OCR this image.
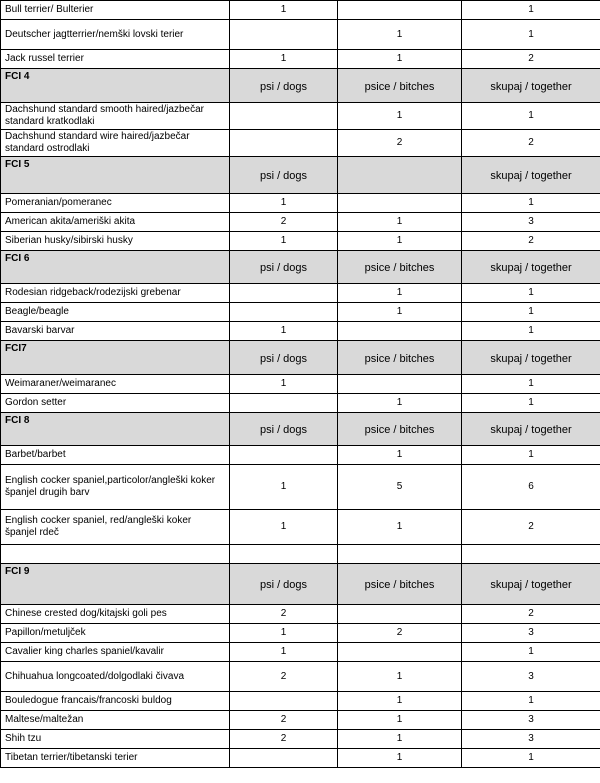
Bull terrier/ Bulterier	1		1
Deutscher jagtterrier/nemški lovski terier		1	1
Jack russel terrier	1	1	2
FCI 4	psi / dogs	psice / bitches	skupaj / together
Dachshund standard smooth haired/jazbečar standard kratkodlaki		1	1
Dachshund standard wire haired/jazbečar standard ostrodlaki		2	2
FCI 5	psi / dogs		skupaj / together
Pomeranian/pomeranec	1		1
American akita/ameriški akita	2	1	3
Siberian husky/sibirski husky	1	1	2
FCI 6	psi / dogs	psice / bitches	skupaj / together
Rodesian ridgeback/rodezijski grebenar		1	1
Beagle/beagle		1	1
Bavarski barvar	1		1
FCI7	psi / dogs	psice / bitches	skupaj / together
Weimaraner/weimaranec	1		1
Gordon setter		1	1
FCI 8	psi / dogs	psice / bitches	skupaj / together
Barbet/barbet		1	1
English cocker spaniel,particolor/angleški koker španjel drugih barv	1	5	6
English cocker spaniel, red/angleški koker španjel rdeč	1	1	2

FCI 9	psi / dogs	psice / bitches	skupaj / together
Chinese crested dog/kitajski goli pes	2		2
Papillon/metuljček	1	2	3
Cavalier king charles spaniel/kavalir	1		1
Chihuahua longcoated/dolgodlaki čivava	2	1	3
Bouledogue francais/francoski buldog		1	1
Maltese/maltežan	2	1	3
Shih tzu	2	1	3
Tibetan terrier/tibetanski terier		1	1
